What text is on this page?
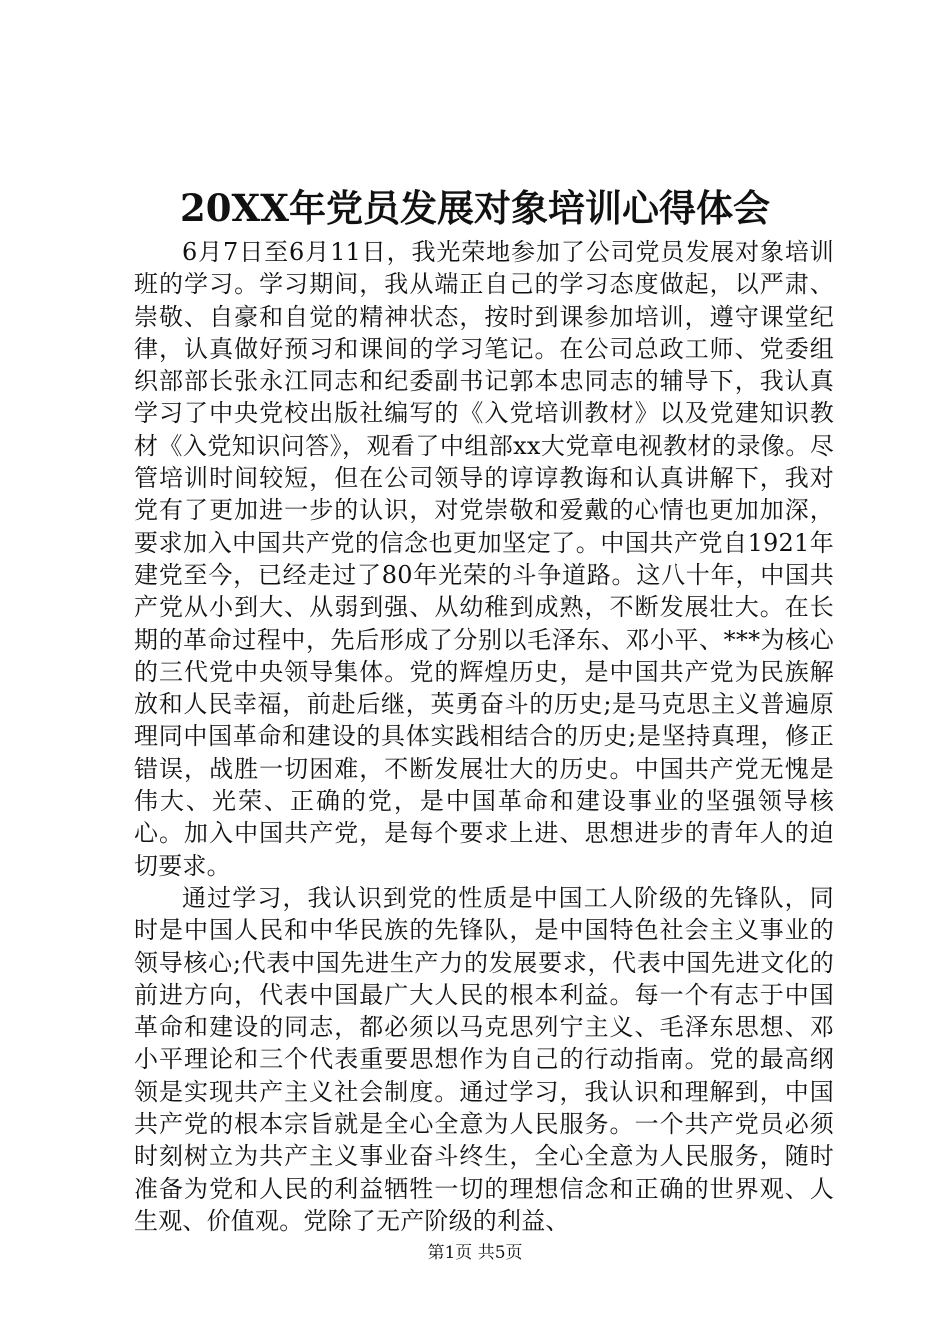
20XX年党员发展对象培训心得体会

6月7日至6月11日，我光荣地参加了公司党员发展对象培训班的学习。学习期间，我从端正自己的学习态度做起，以严肃、崇敬、自豪和自觉的精神状态，按时到课参加培训，遵守课堂纪律，认真做好预习和课间的学习笔记。在公司总政工师、党委组织部部长张永江同志和纪委副书记郭本忠同志的辅导下，我认真学习了中央党校出版社编写的《入党培训教材》以及党建知识教材《入党知识问答》，观看了中组部xx大党章电视教材的录像。尽管培训时间较短，但在公司领导的谆谆教诲和认真讲解下，我对党有了更加进一步的认识，对党崇敬和爱戴的心情也更加加深，要求加入中国共产党的信念也更加坚定了。中国共产党自1921年建党至今，已经走过了80年光荣的斗争道路。这八十年，中国共产党从小到大、从弱到强、从幼稚到成熟，不断发展壮大。在长期的革命过程中，先后形成了分别以毛泽东、邓小平、***为核心的三代党中央领导集体。党的辉煌历史，是中国共产党为民族解放和人民幸福，前赴后继，英勇奋斗的历史;是马克思主义普遍原理同中国革命和建设的具体实践相结合的历史;是坚持真理，修正错误，战胜一切困难，不断发展壮大的历史。中国共产党无愧是伟大、光荣、正确的党，是中国革命和建设事业的坚强领导核心。加入中国共产党，是每个要求上进、思想进步的青年人的迫切要求。

通过学习，我认识到党的性质是中国工人阶级的先锋队，同时是中国人民和中华民族的先锋队，是中国特色社会主义事业的领导核心;代表中国先进生产力的发展要求，代表中国先进文化的前进方向，代表中国最广大人民的根本利益。每一个有志于中国革命和建设的同志，都必须以马克思列宁主义、毛泽东思想、邓小平理论和三个代表重要思想作为自己的行动指南。党的最高纲领是实现共产主义社会制度。通过学习，我认识和理解到，中国共产党的根本宗旨就是全心全意为人民服务。一个共产党员必须时刻树立为共产主义事业奋斗终生，全心全意为人民服务，随时准备为党和人民的利益牺牲一切的理想信念和正确的世界观、人生观、价值观。党除了无产阶级的利益、

第1页 共5页
